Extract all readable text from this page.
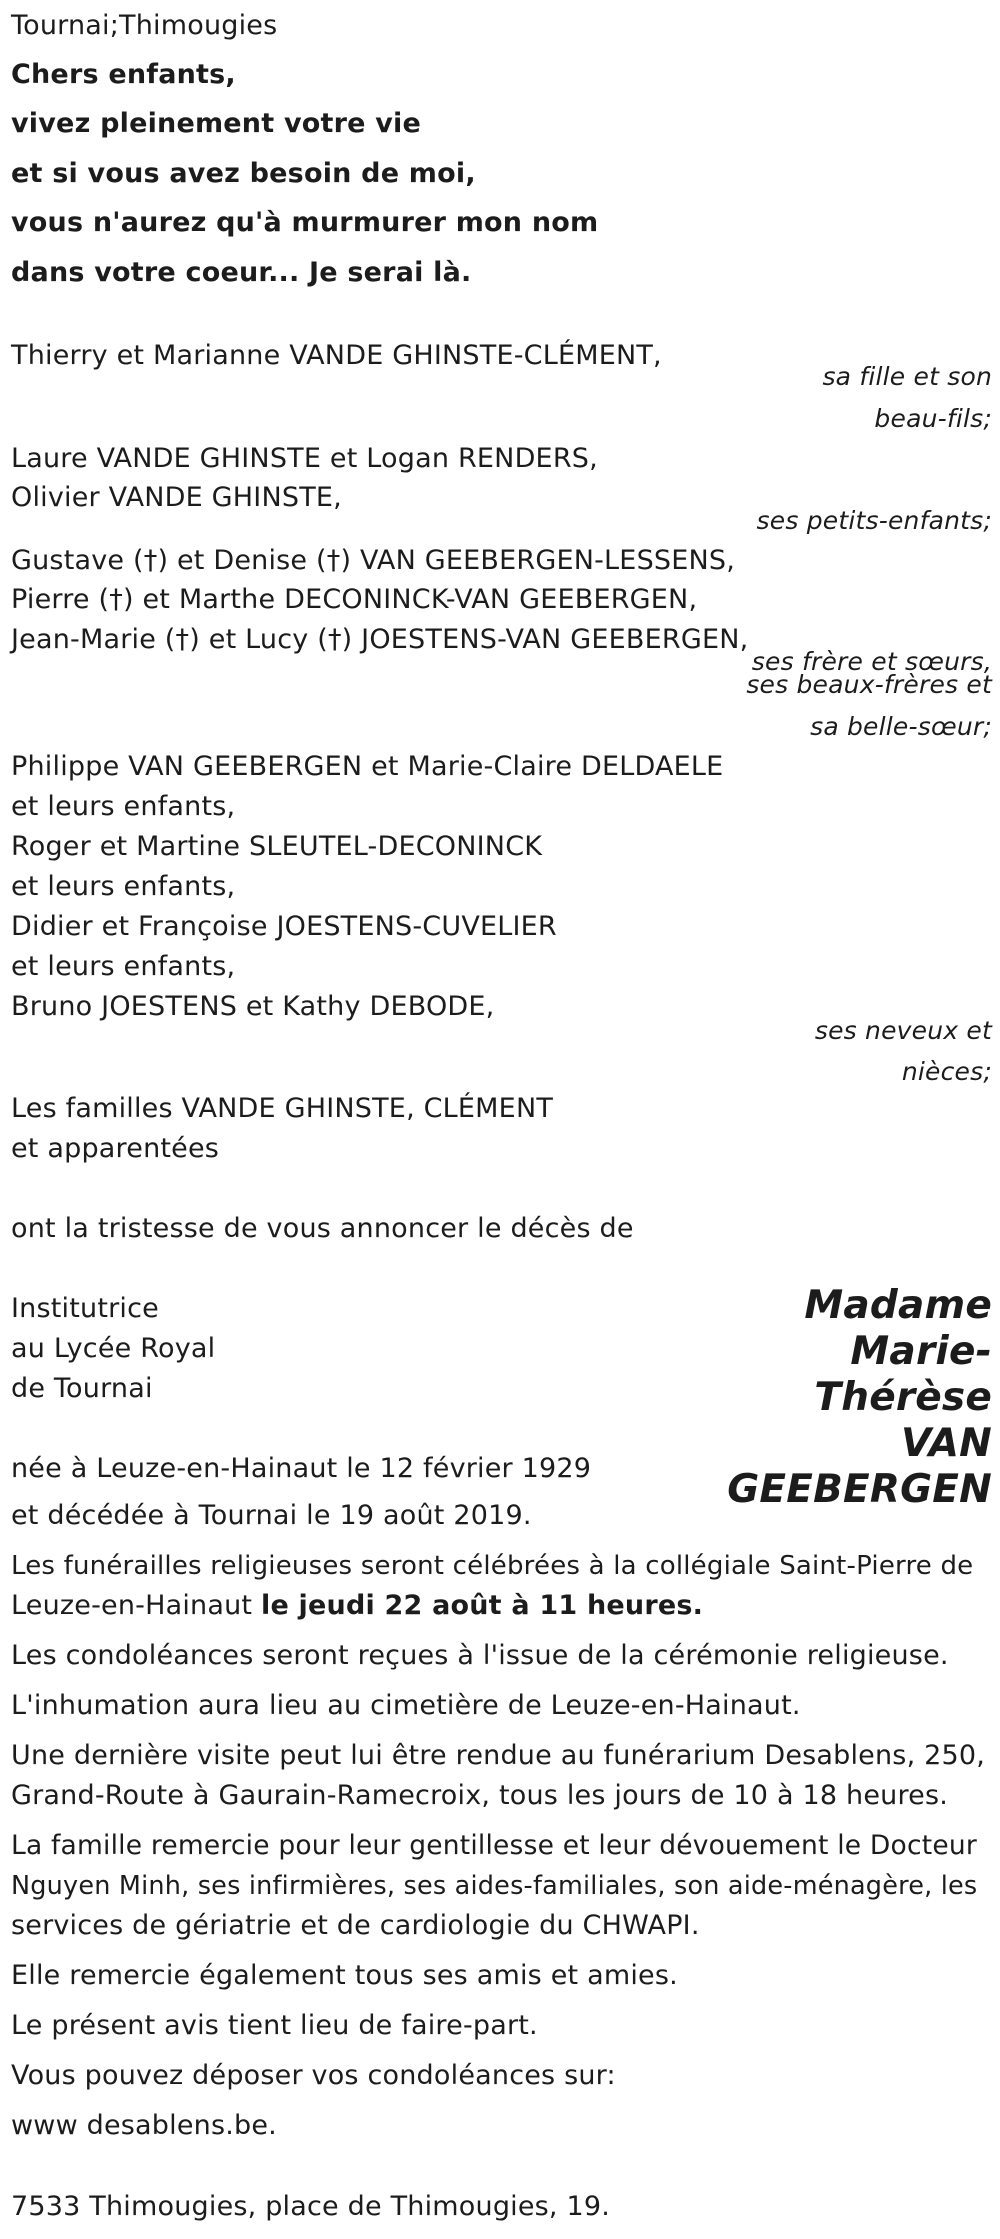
Tournai;Thimougies
Chers enfants,
vivez pleinement votre vie
et si vous avez besoin de moi,
vous n'aurez qu'à murmurer mon nom
dans votre coeur... Je serai là.
Thierry et Marianne VANDE GHINSTE-CLÉMENT,
sa fille et son
beau-fils;
Laure VANDE GHINSTE et Logan RENDERS,
Olivier VANDE GHINSTE,
ses petits-enfants;
Gustave (†) et Denise (†) VAN GEEBERGEN-LESSENS,
Pierre (†) et Marthe DECONINCK-VAN GEEBERGEN,
Jean-Marie (†) et Lucy (†) JOESTENS-VAN GEEBERGEN,
ses frère et sœurs,
ses beaux-frères et
sa belle-sœur;
Philippe VAN GEEBERGEN et Marie-Claire DELDAELE
et leurs enfants,
Roger et Martine SLEUTEL-DECONINCK
et leurs enfants,
Didier et Françoise JOESTENS-CUVELIER
et leurs enfants,
Bruno JOESTENS et Kathy DEBODE,
ses neveux et
nièces;
Les familles VANDE GHINSTE, CLÉMENT
et apparentées
ont la tristesse de vous annoncer le décès de
Institutrice
au Lycée Royal
de Tournai
Madame
Marie-
Thérèse
VAN
GEEBERGEN
née à Leuze-en-Hainaut le 12 février 1929
et décédée à Tournai le 19 août 2019.
Les funérailles religieuses seront célébrées à la collégiale Saint-Pierre de
Leuze-en-Hainaut le jeudi 22 août à 11 heures.
Les condoléances seront reçues à l'issue de la cérémonie religieuse.
L'inhumation aura lieu au cimetière de Leuze-en-Hainaut.
Une dernière visite peut lui être rendue au funérarium Desablens, 250,
Grand-Route à Gaurain-Ramecroix, tous les jours de 10 à 18 heures.
La famille remercie pour leur gentillesse et leur dévouement le Docteur
Nguyen Minh, ses infirmières, ses aides-familiales, son aide-ménagère, les
services de gériatrie et de cardiologie du CHWAPI.
Elle remercie également tous ses amis et amies.
Le présent avis tient lieu de faire-part.
Vous pouvez déposer vos condoléances sur:
www desablens.be.
7533 Thimougies, place de Thimougies, 19.
